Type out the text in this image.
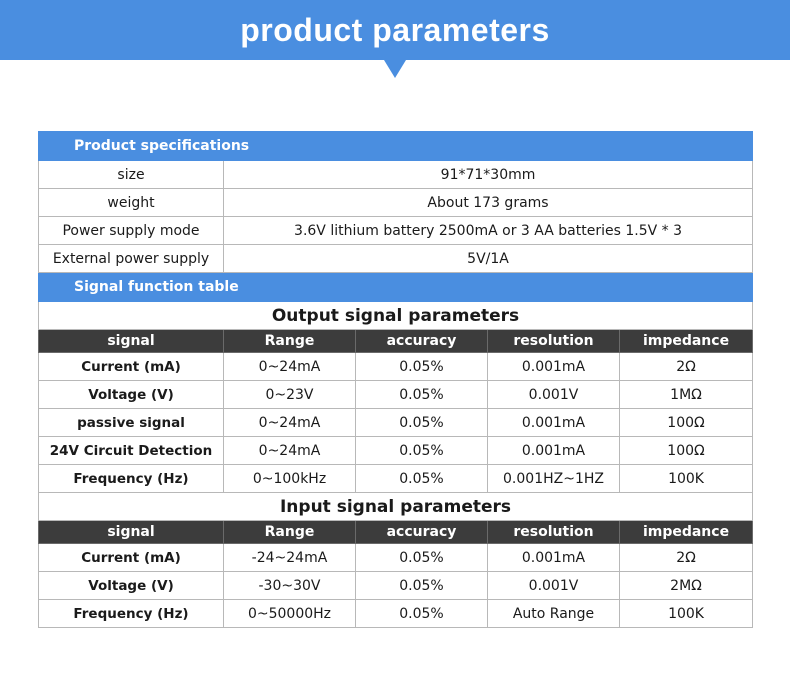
product parameters
Product specifications				
size	91*71*30mm			
weight	About 173 grams			
Power supply mode	3.6V lithium battery 2500mA or 3 AA batteries 1.5V * 3			
External power supply	5V/1A			
Signal function table				
Output signal parameters				
signal	Range	accuracy	resolution	impedance
Current (mA)	0~24mA	0.05%	0.001mA	2Ω
Voltage (V)	0~23V	0.05%	0.001V	1MΩ
passive signal	0~24mA	0.05%	0.001mA	100Ω
24V Circuit Detection	0~24mA	0.05%	0.001mA	100Ω
Frequency (Hz)	0~100kHz	0.05%	0.001HZ~1HZ	100K
Input signal parameters				
signal	Range	accuracy	resolution	impedance
Current (mA)	-24~24mA	0.05%	0.001mA	2Ω
Voltage (V)	-30~30V	0.05%	0.001V	2MΩ
Frequency (Hz)	0~50000Hz	0.05%	Auto Range	100K
